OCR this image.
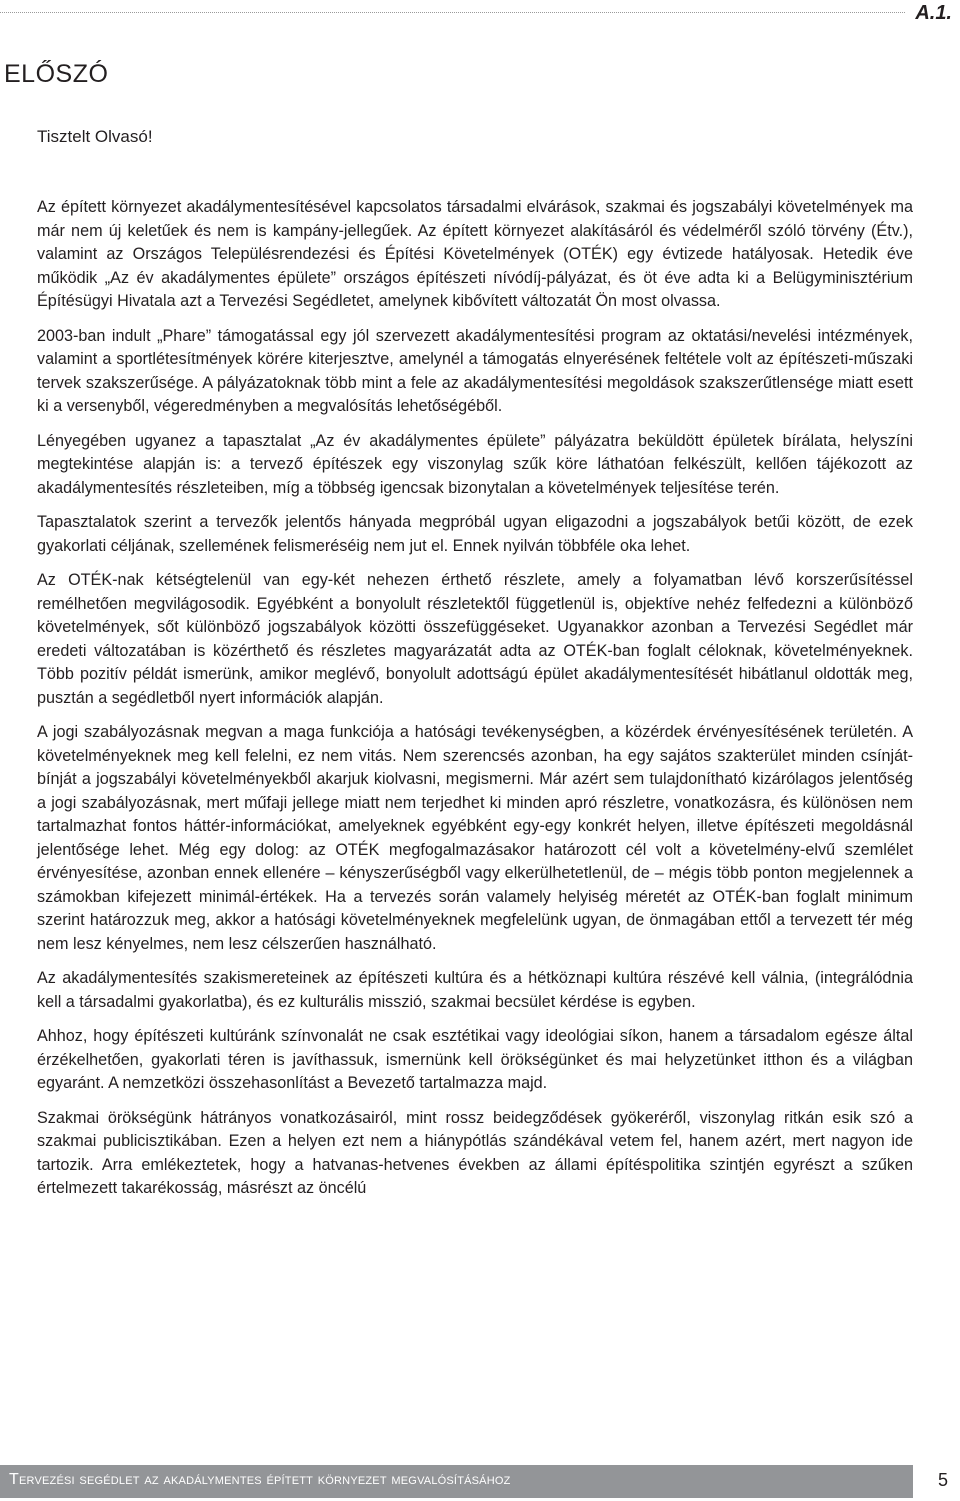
A.1.
ELŐSZÓ

Tisztelt Olvasó!

Az épített környezet akadálymentesítésével kapcsolatos társadalmi elvárások, szakmai és jogszabályi követelmények ma már nem új keletűek és nem is kampány-jellegűek. Az épített környezet alakításáról és védelméről szóló törvény (Étv.), valamint az Országos Településrendezési és Építési Követelmények (OTÉK) egy évtizede hatályosak. Hetedik éve működik „Az év akadálymentes épülete” országos építészeti nívódíj-pályázat, és öt éve adta ki a Belügyminisztérium Építésügyi Hivatala azt a Tervezési Segédletet, amelynek kibővített változatát Ön most olvassa.

2003-ban indult „Phare” támogatással egy jól szervezett akadálymentesítési program az oktatási/nevelési intézmények, valamint a sportlétesítmények körére kiterjesztve, amelynél a támogatás elnyerésének feltétele volt az építészeti-műszaki tervek szakszerűsége. A pályázatoknak több mint a fele az akadálymentesítési megoldások szakszerűtlensége miatt esett ki a versenyből, végeredményben a megvalósítás lehetőségéből.

Lényegében ugyanez a tapasztalat „Az év akadálymentes épülete” pályázatra beküldött épületek bírálata, helyszíni megtekintése alapján is: a tervező építészek egy viszonylag szűk köre láthatóan felkészült, kellően tájékozott az akadálymentesítés részleteiben, míg a többség igencsak bizonytalan a követelmények teljesítése terén.

Tapasztalatok szerint a tervezők jelentős hányada megpróbál ugyan eligazodni a jogszabályok betűi között, de ezek gyakorlati céljának, szellemének felismeréséig nem jut el. Ennek nyilván többféle oka lehet.

Az OTÉK-nak kétségtelenül van egy-két nehezen érthető részlete, amely a folyamatban lévő korszerűsítéssel remélhetően megvilágosodik. Egyébként a bonyolult részletektől függetlenül is, objektíve nehéz felfedezni a különböző követelmények, sőt különböző jogszabályok közötti összefüggéseket. Ugyanakkor azonban a Tervezési Segédlet már eredeti változatában is közérthető és részletes magyarázatát adta az OTÉK-ban foglalt céloknak, követelményeknek. Több pozitív példát ismerünk, amikor meglévő, bonyolult adottságú épület akadálymentesítését hibátlanul oldották meg, pusztán a segédletből nyert információk alapján.

A jogi szabályozásnak megvan a maga funkciója a hatósági tevékenységben, a közérdek érvényesítésének területén. A követelményeknek meg kell felelni, ez nem vitás. Nem szerencsés azonban, ha egy sajátos szakterület minden csínját-bínját a jogszabályi követelményekből akarjuk kiolvasni, megismerni. Már azért sem tulajdonítható kizárólagos jelentőség a jogi szabályozásnak, mert műfaji jellege miatt nem terjedhet ki minden apró részletre, vonatkozásra, és különösen nem tartalmazhat fontos háttér-információkat, amelyeknek egyébként egy-egy konkrét helyen, illetve építészeti megoldásnál jelentősége lehet. Még egy dolog: az OTÉK megfogalmazásakor határozott cél volt a követelmény-elvű szemlélet érvényesítése, azonban ennek ellenére – kényszerűségből vagy elkerülhetetlenül, de – mégis több ponton megjelennek a számokban kifejezett minimál-értékek. Ha a tervezés során valamely helyiség méretét az OTÉK-ban foglalt minimum szerint határozzuk meg, akkor a hatósági követelményeknek megfelelünk ugyan, de önmagában ettől a tervezett tér még nem lesz kényelmes, nem lesz célszerűen használható.

Az akadálymentesítés szakismereteinek az építészeti kultúra és a hétköznapi kultúra részévé kell válnia, (integrálódnia kell a társadalmi gyakorlatba), és ez kulturális misszió, szakmai becsület kérdése is egyben.

Ahhoz, hogy építészeti kultúránk színvonalát ne csak esztétikai vagy ideológiai síkon, hanem a társadalom egésze által érzékelhetően, gyakorlati téren is javíthassuk, ismernünk kell örökségünket és mai helyzetünket itthon és a világban egyaránt. A nemzetközi összehasonlítást a Bevezető tartalmazza majd.

Szakmai örökségünk hátrányos vonatkozásairól, mint rossz beidegződések gyökeréről, viszonylag ritkán esik szó a szakmai publicisztikában. Ezen a helyen ezt nem a hiánypótlás szándékával vetem fel, hanem azért, mert nagyon ide tartozik. Arra emlékeztetek, hogy a hatvanas-hetvenes években az állami építéspolitika szintjén egyrészt a szűken értelmezett takarékosság, másrészt az öncélú

Tervezési segédlet az akadálymentes épített környezet megvalósításához	5
